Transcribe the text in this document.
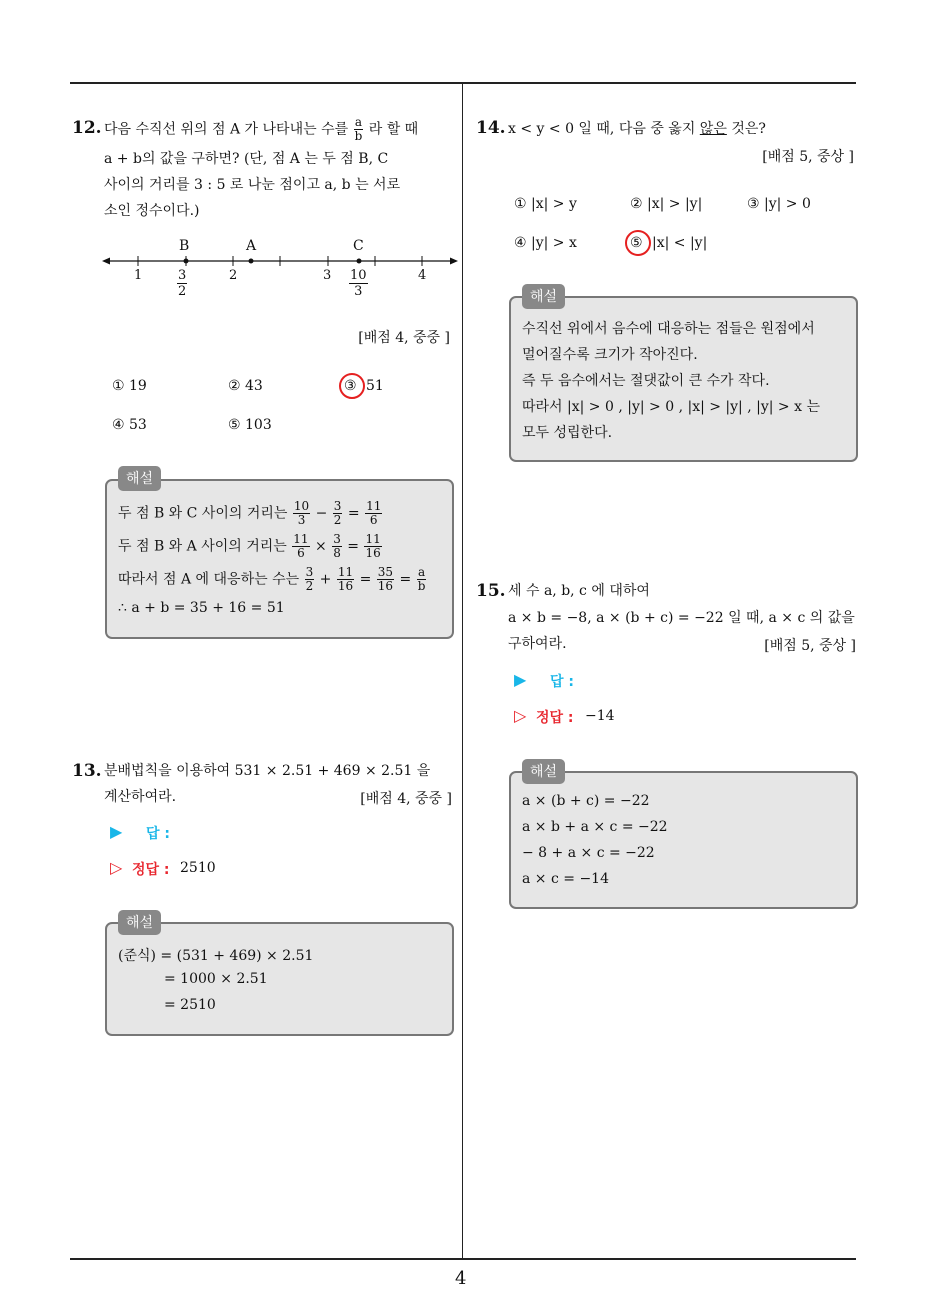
4
12. 다음 수직선 위의 점 A 가 나타내는 수를 $\frac{a}{b}$ 라 할 때
a + b의 값을 구하면? (단, 점 A 는 두 점 B, C
사이의 거리를 3 : 5 로 나눈 점이고 a, b 는 서로
소인 정수이다.)
B	A	C
1	2	3	4
$\frac{3}{2}$	$\frac{10}{3}$
[배점 4, 중중 ]
① 19	② 43	③ 51
④ 53	⑤ 103
해설
두 점 B 와 C 사이의 거리는 $\frac{10}{3} - \frac{3}{2} = \frac{11}{6}$
두 점 B 와 A 사이의 거리는 $\frac{11}{6} \times \frac{3}{8} = \frac{11}{16}$
따라서 점 A 에 대응하는 수는 $\frac{3}{2} + \frac{11}{16} = \frac{35}{16} = \frac{a}{b}$
∴ a + b = 35 + 16 = 51
13. 분배법칙을 이용하여 531 × 2.51 + 469 × 2.51 을
계산하여라.	[배점 4, 중중 ]
▶ 답 :
▷ 정답 : 2510
해설
(준식) = (531 + 469) × 2.51
= 1000 × 2.51
= 2510
14. x < y < 0 일 때, 다음 중 옳지 않은 것은?
[배점 5, 중상 ]
① |x| > y	② |x| > |y|	③ |y| > 0
④ |y| > x	⑤ |x| < |y|
해설
수직선 위에서 음수에 대응하는 점들은 원점에서
멀어질수록 크기가 작아진다.
즉 두 음수에서는 절댓값이 큰 수가 작다.
따라서 |x| > 0 , |y| > 0 , |x| > |y| , |y| > x 는
모두 성립한다.
15. 세 수 a, b, c 에 대하여
a × b = −8, a × (b + c) = −22 일 때, a × c 의 값을
구하여라.	[배점 5, 중상 ]
▶ 답 :
▷ 정답 : −14
해설
a × (b + c) = −22
a × b + a × c = −22
− 8 + a × c = −22
a × c = −14
